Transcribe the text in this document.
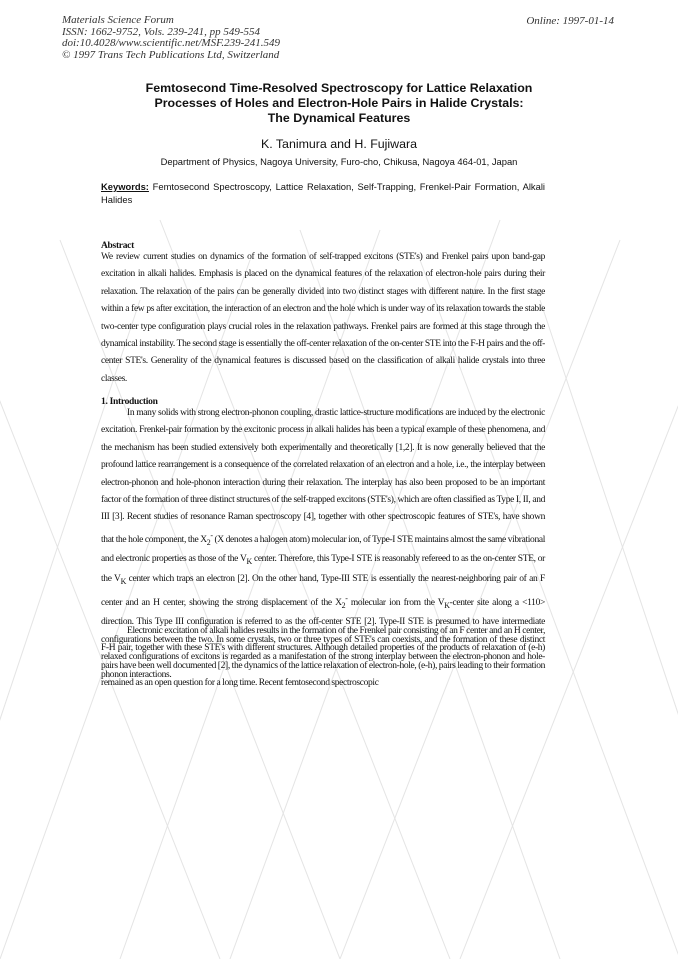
Materials Science Forum
ISSN: 1662-9752, Vols. 239-241, pp 549-554
doi:10.4028/www.scientific.net/MSF.239-241.549
© 1997 Trans Tech Publications Ltd, Switzerland
Online: 1997-01-14
Femtosecond Time-Resolved Spectroscopy for Lattice Relaxation
Processes of Holes and Electron-Hole Pairs in Halide Crystals:
The Dynamical Features
K. Tanimura and H. Fujiwara
Department of Physics, Nagoya University, Furo-cho, Chikusa, Nagoya 464-01, Japan
Keywords: Femtosecond Spectroscopy, Lattice Relaxation, Self-Trapping, Frenkel-Pair Formation, Alkali Halides
Abstract
We review current studies on dynamics of the formation of self-trapped excitons (STE's) and Frenkel pairs upon band-gap excitation in alkali halides. Emphasis is placed on the dynamical features of the relaxation of electron-hole pairs during their relaxation. The relaxation of the pairs can be generally divided into two distinct stages with different nature. In the first stage within a few ps after excitation, the interaction of an electron and the hole which is under way of its relaxation towards the stable two-center type configuration plays crucial roles in the relaxation pathways. Frenkel pairs are formed at this stage through the dynamical instability. The second stage is essentially the off-center relaxation of the on-center STE into the F-H pairs and the off-center STE's. Generality of the dynamical features is discussed based on the classification of alkali halide crystals into three classes.
1. Introduction
In many solids with strong electron-phonon coupling, drastic lattice-structure modifications are induced by the electronic excitation. Frenkel-pair formation by the excitonic process in alkali halides has been a typical example of these phenomena, and the mechanism has been studied extensively both experimentally and theoretically [1,2]. It is now generally believed that the profound lattice rearrangement is a consequence of the correlated relaxation of an electron and a hole, i.e., the interplay between electron-phonon and hole-phonon interaction during their relaxation. The interplay has also been proposed to be an important factor of the formation of three distinct structures of the self-trapped excitons (STE's), which are often classified as Type I, II, and III [3]. Recent studies of resonance Raman spectroscopy [4], together with other spectroscopic features of STE's, have shown that the hole component, the $X_2^-$ (X denotes a halogen atom) molecular ion, of Type-I STE maintains almost the same vibrational and electronic properties as those of the $V_K$ center. Therefore, this Type-I STE is reasonably refereed to as the on-center STE, or the $V_K$ center which traps an electron [2]. On the other hand, Type-III STE is essentially the nearest-neighboring pair of an F center and an H center, showing the strong displacement of the $X_2^-$ molecular ion from the $V_K$-center site along a <110> direction. This Type III configuration is referred to as the off-center STE [2]. Type-II STE is presumed to have intermediate configurations between the two. In some crystals, two or three types of STE's can coexists, and the formation of these distinct relaxed configurations of excitons is regarded as a manifestation of the strong interplay between the electron-phonon and hole-phonon interactions.
Electronic excitation of alkali halides results in the formation of the Frenkel pair consisting of an F center and an H center, F-H pair, together with these STE's with different structures. Although detailed properties of the products of relaxation of (e-h) pairs have been well documented [2], the dynamics of the lattice relaxation of electron-hole, (e-h), pairs leading to their formation remained as an open question for a long time. Recent femtosecond spectroscopic
